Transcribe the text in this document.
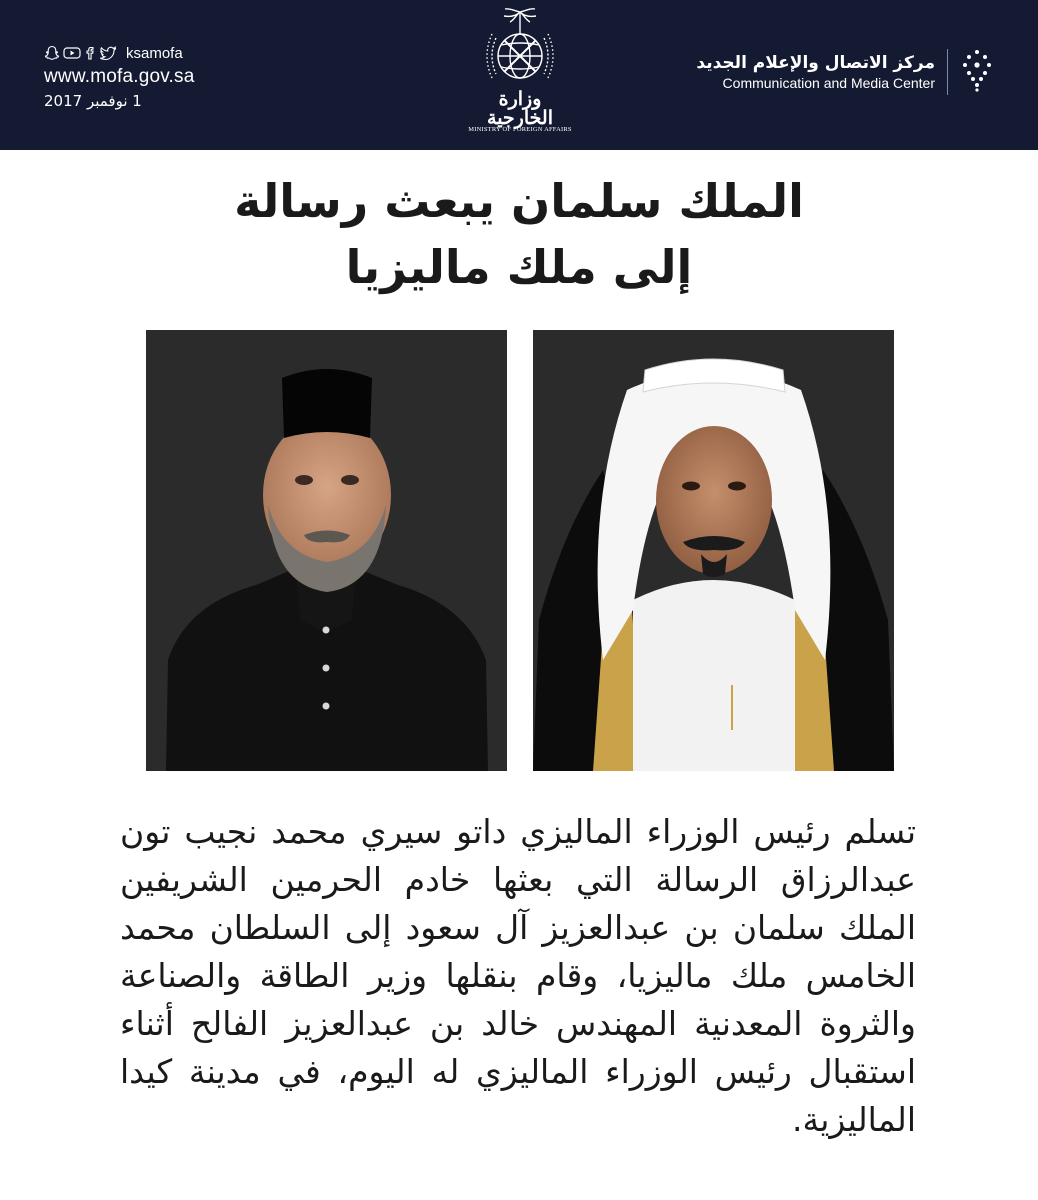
ksamofa
www.mofa.gov.sa
1 نوفمبر 2017	وزارة الخارجية
MINISTRY OF FOREIGN AFFAIRS
مركز الاتصال والإعلام الجديد
Communication and Media Center
الملك سلمان يبعث رسالة
إلى ملك ماليزيا
تسلم رئيس الوزراء الماليزي داتو سيري محمد نجيب تون عبدالرزاق الرسالة التي بعثها خادم الحرمين الشريفين الملك سلمان بن عبدالعزيز آل سعود إلى السلطان محمد الخامس ملك ماليزيا، وقام بنقلها وزير الطاقة والصناعة والثروة المعدنية المهندس خالد بن عبدالعزيز الفالح أثناء استقبال رئيس الوزراء الماليزي له اليوم، في مدينة كيدا الماليزية.
